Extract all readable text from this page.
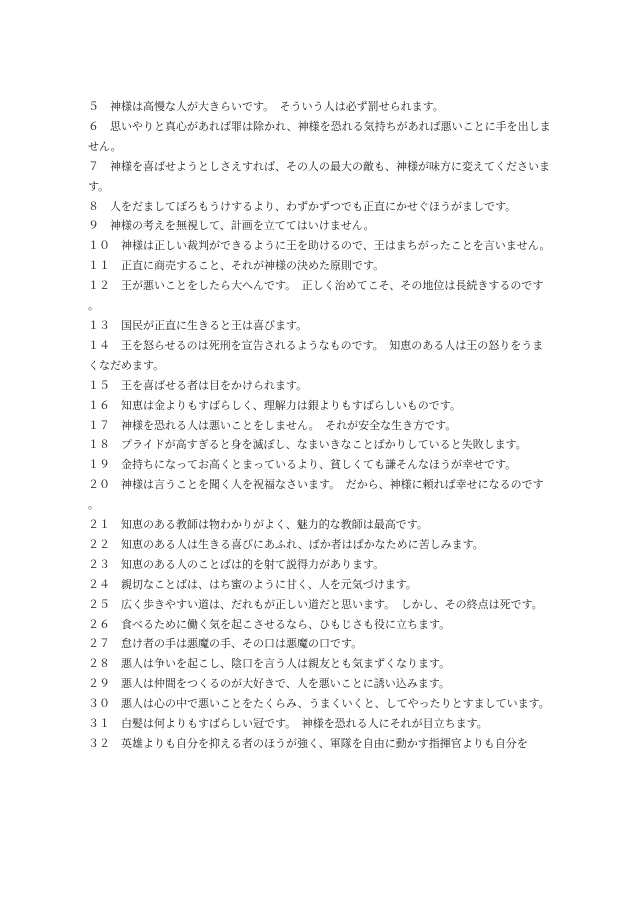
５　神様は高慢な人が大きらいです。　そういう人は必ず罰せられます。

６　思いやりと真心があれば罪は除かれ、神様を恐れる気持ちがあれば悪いことに手を出しません。

７　神様を喜ばせようとしさえすれば、その人の最大の敵も、神様が味方に変えてくださいます。

８　人をだましてぼろもうけするより、わずかずつでも正直にかせぐほうがましです。

９　神様の考えを無視して、計画を立ててはいけません。

１０　神様は正しい裁判ができるように王を助けるので、王はまちがったことを言いません。

１１　正直に商売すること、それが神様の決めた原則です。

１２　王が悪いことをしたら大へんです。　正しく治めてこそ、その地位は長続きするのです。

１３　国民が正直に生きると王は喜びます。

１４　王を怒らせるのは死刑を宣告されるようなものです。　知恵のある人は王の怒りをうまくなだめます。

１５　王を喜ばせる者は目をかけられます。

１６　知恵は金よりもすばらしく、理解力は銀よりもすばらしいものです。

１７　神様を恐れる人は悪いことをしません。　それが安全な生き方です。

１８　プライドが高すぎると身を滅ぼし、なまいきなことばかりしていると失敗します。

１９　金持ちになってお高くとまっているより、貧しくても謙そんなほうが幸せです。

２０　神様は言うことを聞く人を祝福なさいます。　だから、神様に頼れば幸せになるのです。

２１　知恵のある教師は物わかりがよく、魅力的な教師は最高です。

２２　知恵のある人は生きる喜びにあふれ、ばか者はばかなために苦しみます。

２３　知恵のある人のことばは的を射て説得力があります。

２４　親切なことばは、はち蜜のように甘く、人を元気づけます。

２５　広く歩きやすい道は、だれもが正しい道だと思います。　しかし、その終点は死です。

２６　食べるために働く気を起こさせるなら、ひもじさも役に立ちます。

２７　怠け者の手は悪魔の手、その口は悪魔の口です。

２８　悪人は争いを起こし、陰口を言う人は親友とも気まずくなります。

２９　悪人は仲間をつくるのが大好きで、人を悪いことに誘い込みます。

３０　悪人は心の中で悪いことをたくらみ、うまくいくと、してやったりとすましています。

３１　白髪は何よりもすばらしい冠です。　神様を恐れる人にそれが目立ちます。

３２　英雄よりも自分を抑える者のほうが強く、軍隊を自由に動かす指揮官よりも自分を
